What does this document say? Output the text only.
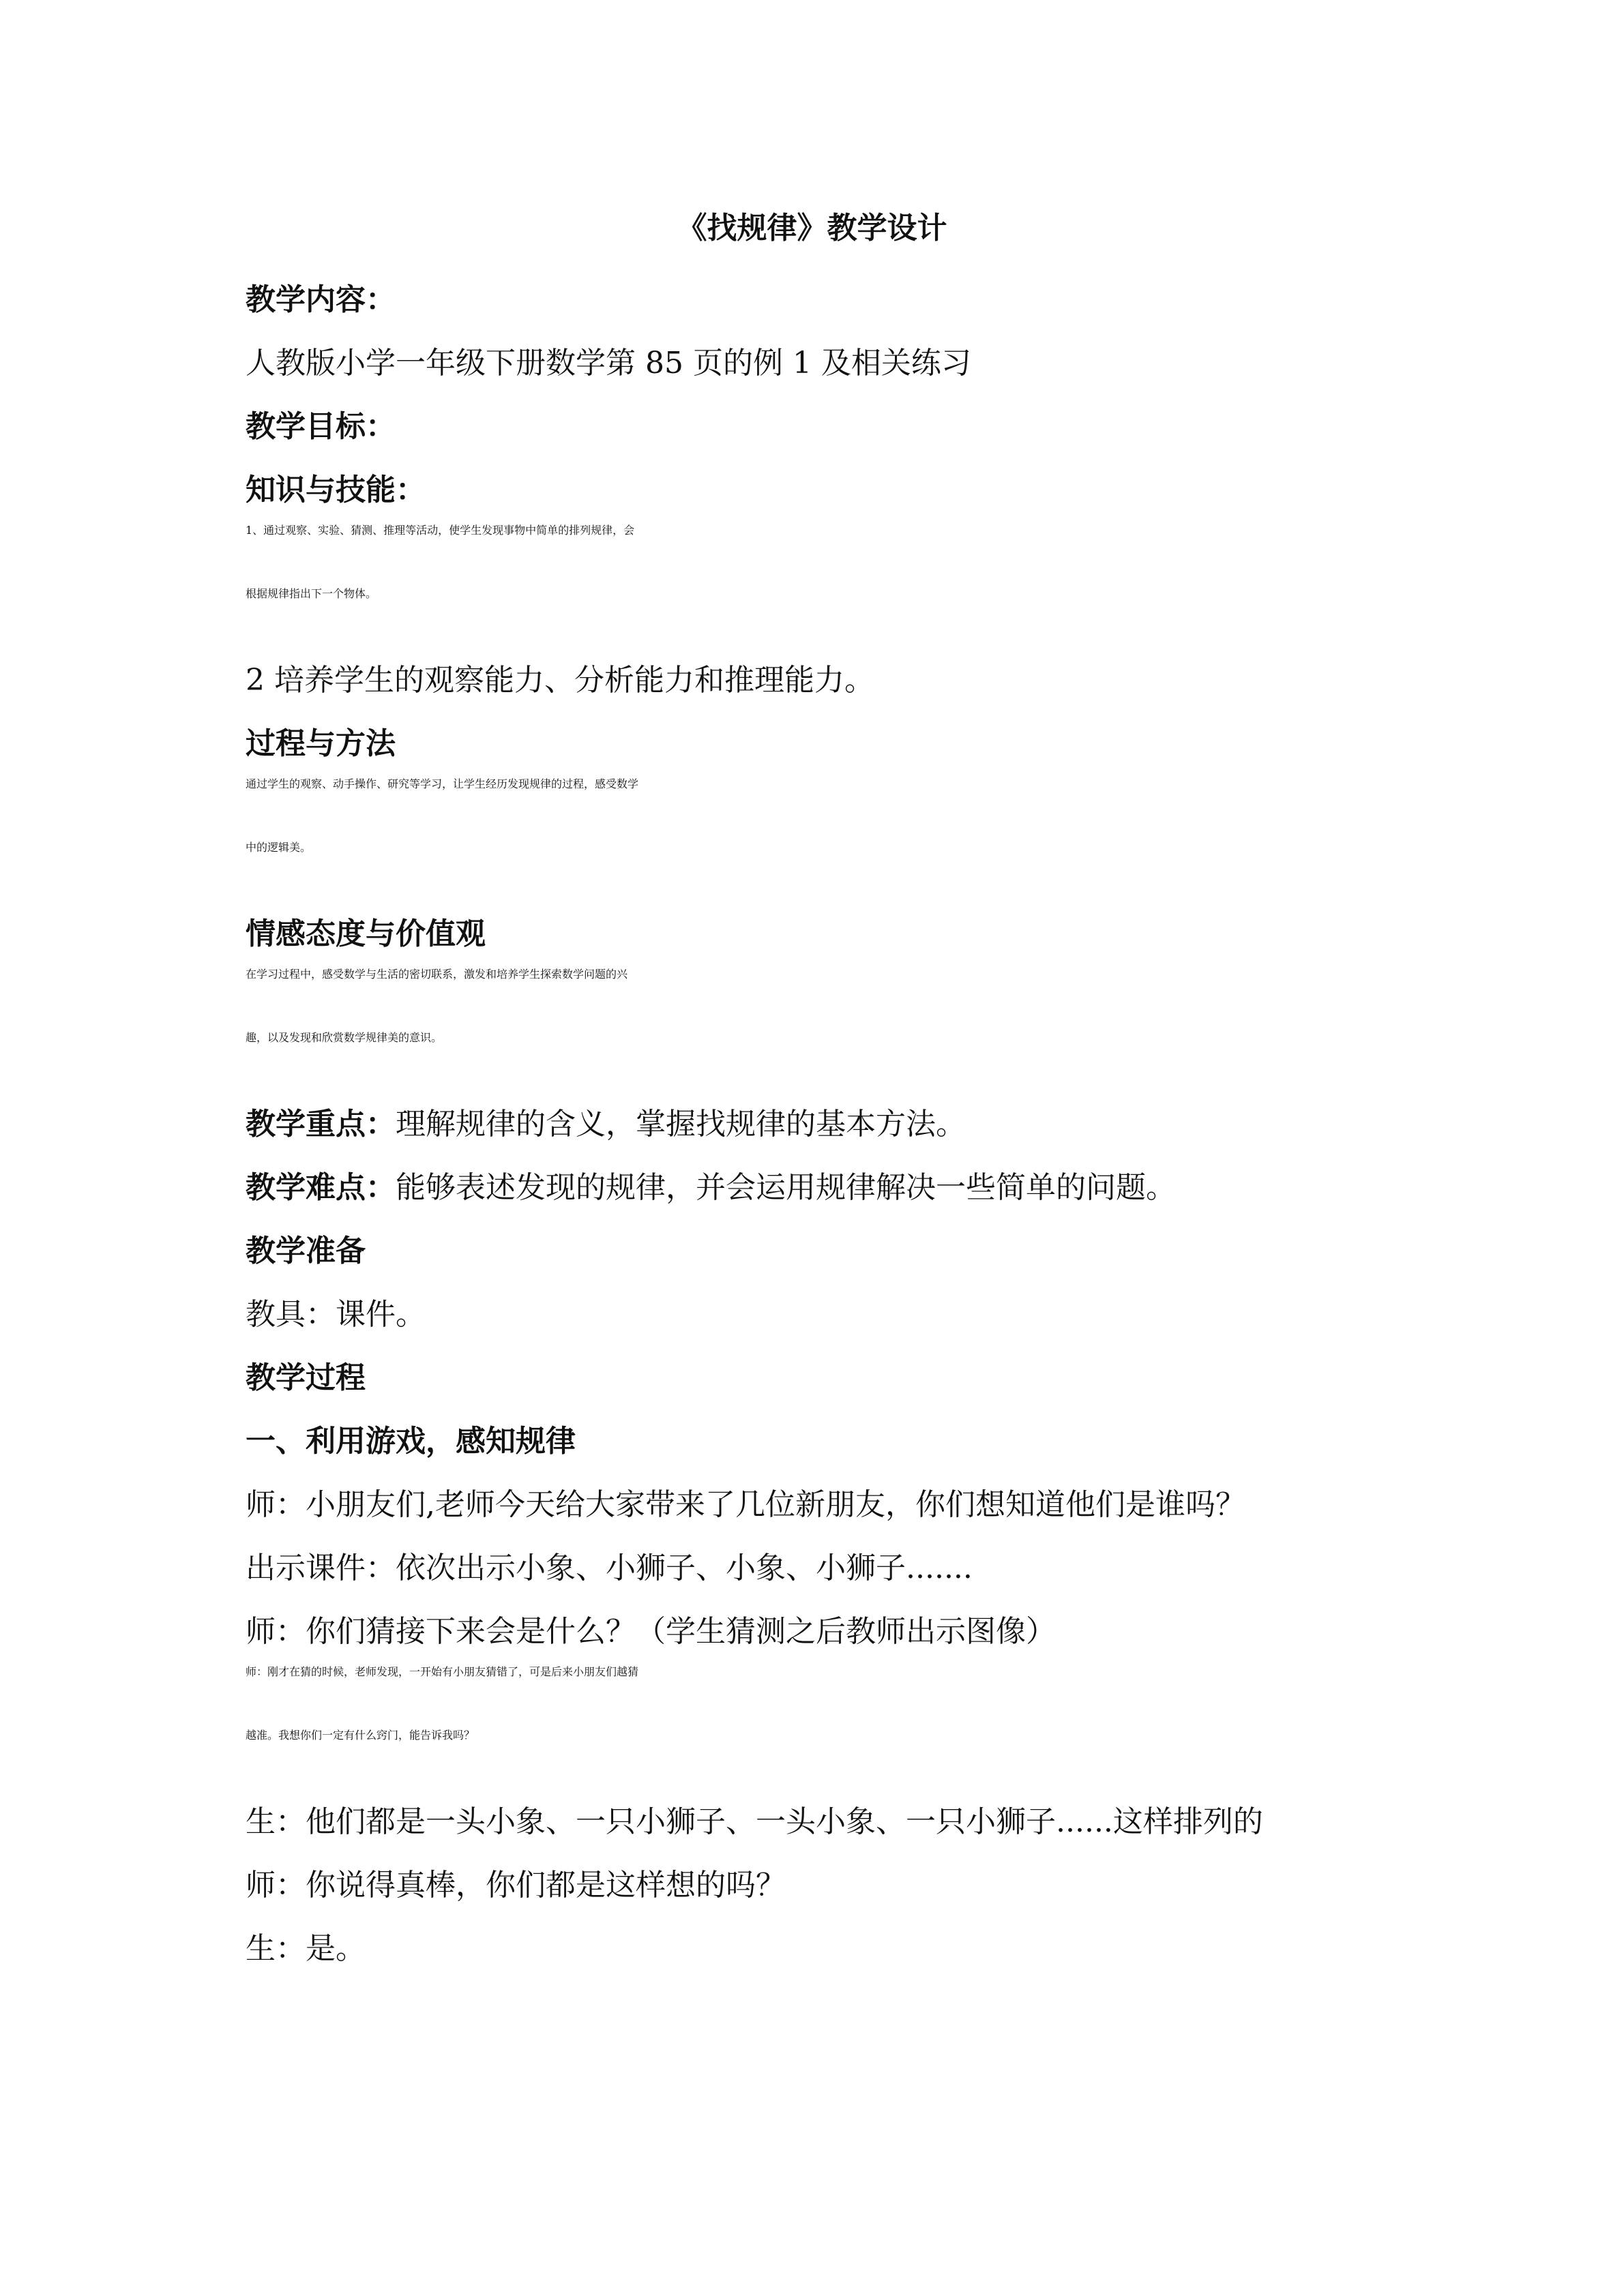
《找规律》教学设计
教学内容：
人教版小学一年级下册数学第 85 页的例 1 及相关练习
教学目标：
知识与技能：
1、通过观察、实验、猜测、推理等活动，使学生发现事物中简单的排列规律，会
根据规律指出下一个物体。
2 培养学生的观察能力、分析能力和推理能力。
过程与方法
通过学生的观察、动手操作、研究等学习，让学生经历发现规律的过程，感受数学
中的逻辑美。
情感态度与价值观
在学习过程中，感受数学与生活的密切联系，激发和培养学生探索数学问题的兴
趣，以及发现和欣赏数学规律美的意识。
教学重点：理解规律的含义，掌握找规律的基本方法。
教学难点：能够表述发现的规律，并会运用规律解决一些简单的问题。
教学准备
教具：课件。
教学过程
一、利用游戏，感知规律
师：小朋友们,老师今天给大家带来了几位新朋友，你们想知道他们是谁吗？
出示课件：依次出示小象、小狮子、小象、小狮子.......
师：你们猜接下来会是什么？（学生猜测之后教师出示图像）
师：刚才在猜的时候，老师发现，一开始有小朋友猜错了，可是后来小朋友们越猜
越准。我想你们一定有什么窍门，能告诉我吗？
生：他们都是一头小象、一只小狮子、一头小象、一只小狮子......这样排列的
师：你说得真棒，你们都是这样想的吗？
生：是。
